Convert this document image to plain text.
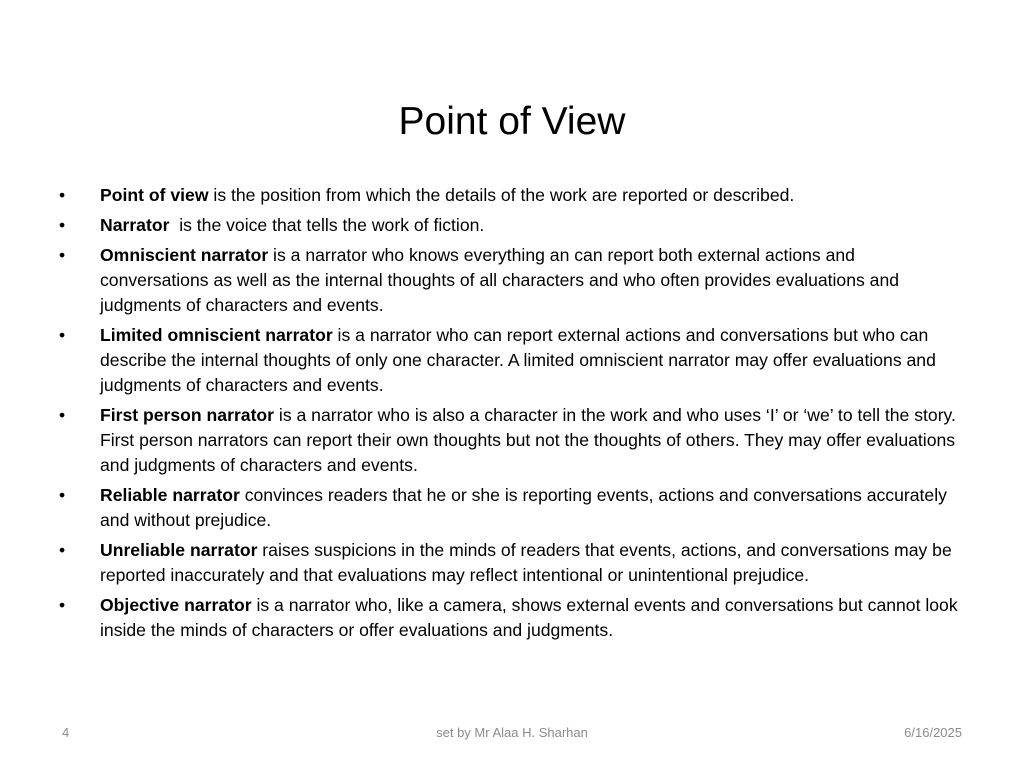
Point of View
•	Point of view is the position from which the details of the work are reported or described.
•	Narrator  is the voice that tells the work of fiction.
•	Omniscient narrator is a narrator who knows everything an can report both external actions and conversations as well as the internal thoughts of all characters and who often provides evaluations and judgments of characters and events.
•	Limited omniscient narrator is a narrator who can report external actions and conversations but who can describe the internal thoughts of only one character. A limited omniscient narrator may offer evaluations and judgments of characters and events.
•	First person narrator is a narrator who is also a character in the work and who uses ‘I’ or ‘we’ to tell the story. First person narrators can report their own thoughts but not the thoughts of others. They may offer evaluations and judgments of characters and events.
•	Reliable narrator convinces readers that he or she is reporting events, actions and conversations accurately and without prejudice.
•	Unreliable narrator raises suspicions in the minds of readers that events, actions, and conversations may be reported inaccurately and that evaluations may reflect intentional or unintentional prejudice.
•	Objective narrator is a narrator who, like a camera, shows external events and conversations but cannot look inside the minds of characters or offer evaluations and judgments.
4	set by Mr Alaa H. Sharhan	6/16/2025
